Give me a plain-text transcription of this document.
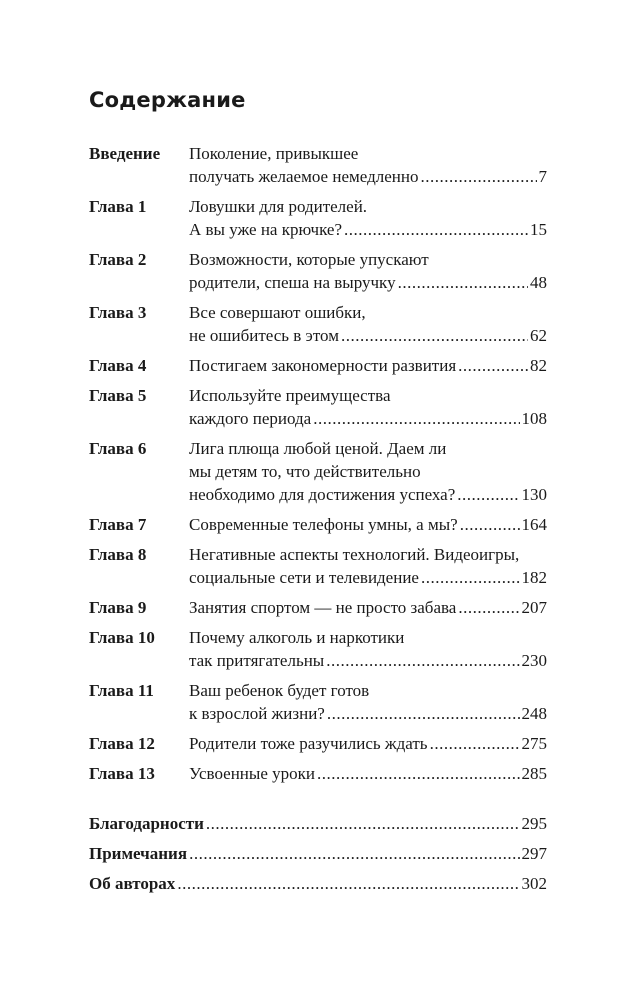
Содержание
Введение Поколение, привыкшее
получать желаемое немедленно .....	7
Глава 1	Ловушки для родителей.
А вы уже на крючке? .....	15
Глава 2	Возможности, которые упускают
родители, спеша на выручку .....	48
Глава 3	Все совершают ошибки,
не ошибитесь в этом .....	62
Глава 4	Постигаем закономерности развития .....	82
Глава 5	Используйте преимущества
каждого периода .....	108
Глава 6	Лига плюща любой ценой. Даем ли
мы детям то, что действительно
необходимо для достижения успеха? .....	130
Глава 7	Современные телефоны умны, а мы? .....	164
Глава 8	Негативные аспекты технологий. Видеоигры,
социальные сети и телевидение .....	182
Глава 9	Занятия спортом — не просто забава .....	207
Глава 10 Почему алкоголь и наркотики
так притягательны .....	230
Глава 11 Ваш ребенок будет готов
к взрослой жизни? .....	248
Глава 12 Родители тоже разучились ждать .....	275
Глава 13 Усвоенные уроки .....	285
Благодарности .....	295
Примечания .....	297
Об авторах .....	302
